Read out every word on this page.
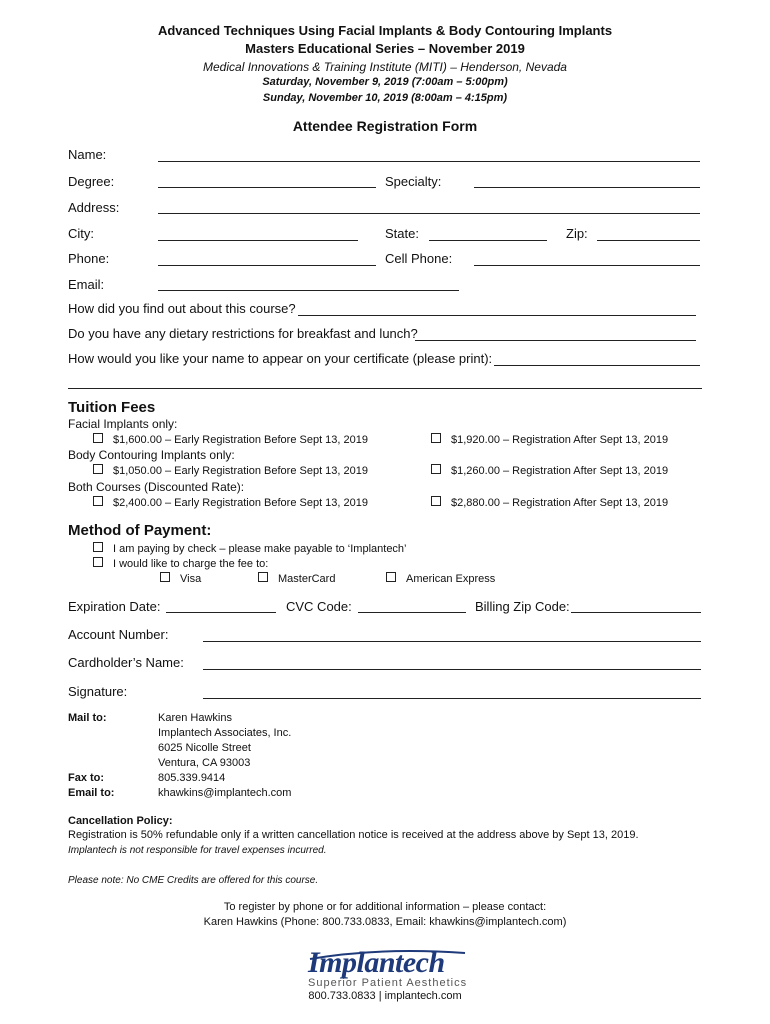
Advanced Techniques Using Facial Implants & Body Contouring Implants
Masters Educational Series – November 2019
Medical Innovations & Training Institute (MITI) – Henderson, Nevada
Saturday, November 9, 2019 (7:00am – 5:00pm)
Sunday, November 10, 2019 (8:00am – 4:15pm)
Attendee Registration Form
Name:
Degree:	Specialty:
Address:
City:	State:	Zip:
Phone:	Cell Phone:
Email:
How did you find out about this course?
Do you have any dietary restrictions for breakfast and lunch?
How would you like your name to appear on your certificate (please print):
Tuition Fees
Facial Implants only:
$1,600.00 – Early Registration Before Sept 13, 2019	$1,920.00 – Registration After Sept 13, 2019
Body Contouring Implants only:
$1,050.00 – Early Registration Before Sept 13, 2019	$1,260.00 – Registration After Sept 13, 2019
Both Courses (Discounted Rate):
$2,400.00 – Early Registration Before Sept 13, 2019	$2,880.00 – Registration After Sept 13, 2019
Method of Payment:
I am paying by check – please make payable to ‘Implantech’
I would like to charge the fee to:
Visa	MasterCard	American Express
Expiration Date:	CVC Code:	Billing Zip Code:
Account Number:
Cardholder’s Name:
Signature:
Mail to:	Karen Hawkins
Implantech Associates, Inc.
6025 Nicolle Street
Ventura, CA 93003
Fax to:	805.339.9414
Email to:	khawkins@implantech.com
Cancellation Policy:
Registration is 50% refundable only if a written cancellation notice is received at the address above by Sept 13, 2019.
Implantech is not responsible for travel expenses incurred.
Please note: No CME Credits are offered for this course.
To register by phone or for additional information – please contact:
Karen Hawkins (Phone: 800.733.0833, Email: khawkins@implantech.com)
Implantech
Superior Patient Aesthetics
800.733.0833 | implantech.com
